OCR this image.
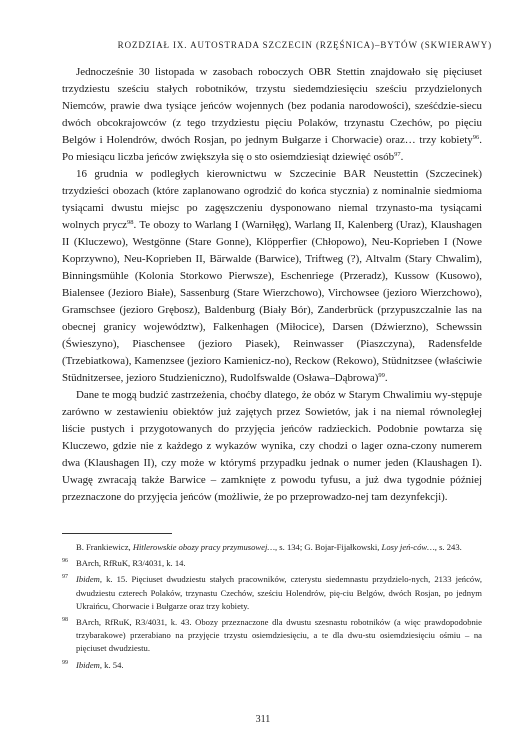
ROZDZIAŁ IX. AUTOSTRADA SZCZECIN (RZĘŚNICA)–BYTÓW (SKWIERAWY)

Jednocześnie 30 listopada w zasobach roboczych OBR Stettin znajdowało się pięciuset trzydziestu sześciu stałych robotników, trzystu siedemdziesięciu sześciu przydzielonych Niemców, prawie dwa tysiące jeńców wojennych (bez podania narodowości), sześćdzie-siecu dwóch obcokrajowców (z tego trzydziestu pięciu Polaków, trzynastu Czechów, po pięciu Belgów i Holendrów, dwóch Rosjan, po jednym Bułgarze i Chorwacie) oraz… trzy kobiety$^{96}$. Po miesiącu liczba jeńców zwiększyła się o sto osiemdziesiąt dziewięć osób$^{97}$.

16 grudnia w podległych kierownictwu w Szczecinie BAR Neustettin (Szczecinek) trzydzieści obozach (które zaplanowano ogrodzić do końca stycznia) z nominalnie siedmioma tysiącami dwustu miejsc po zagęszczeniu dysponowano niemal trzynasto-ma tysiącami wolnych prycz$^{98}$. Te obozy to Warlang I (Warniłęg), Warlang II, Kalenberg (Uraz), Klaushagen II (Kluczewo), Westgönne (Stare Gonne), Klöpperfier (Chłopowo), Neu-Koprieben I (Nowe Koprzywno), Neu-Koprieben II, Bärwalde (Barwice), Triftweg (?), Altvalm (Stary Chwalim), Binningsmühle (Kolonia Storkowo Pierwsze), Eschenriege (Przeradz), Kussow (Kusowo), Bialensee (Jezioro Białe), Sassenburg (Stare Wierzchowo), Virchowsee (jezioro Wierzchowo), Gramschsee (jezioro Grębosz), Baldenburg (Biały Bór), Zanderbrück (przypuszczalnie las na obecnej granicy województw), Falkenhagen (Miłocice), Darsen (Dźwierzno), Schewssin (Świeszyno), Piaschensee (jezioro Piasek), Reinwasser (Piaszczyna), Radensfelde (Trzebiatkowa), Kamenzsee (jezioro Kamienicz-no), Reckow (Rekowo), Stüdnitzsee (właściwie Stüdnitzersee, jezioro Studzieniczno), Rudolfswalde (Osława–Dąbrowa)$^{99}$.

Dane te mogą budzić zastrzeżenia, choćby dlatego, że obóz w Starym Chwalimiu wy-stępuje zarówno w zestawieniu obiektów już zajętych przez Sowietów, jak i na niemal równoległej liście pustych i przygotowanych do przyjęcia jeńców radzieckich. Podobnie powtarza się Kluczewo, gdzie nie z każdego z wykazów wynika, czy chodzi o lager ozna-czony numerem dwa (Klaushagen II), czy może w którymś przypadku jednak o numer jeden (Klaushagen I). Uwagę zwracają także Barwice – zamknięte z powodu tyfusu, a już dwa tygodnie później przeznaczone do przyjęcia jeńców (możliwie, że po przeprowadzo-nej tam dezynfekcji).

B. Frankiewicz, Hitlerowskie obozy pracy przymusowej…, s. 134; G. Bojar-Fijałkowski, Losy jeń-ców…, s. 243.
96 BArch, RfRuK, R3/4031, k. 14.
97 Ibidem, k. 15. Pięciuset dwudziestu stałych pracowników, czterystu siedemnastu przydzielo-nych, 2133 jeńców, dwudziestu czterech Polaków, trzynastu Czechów, sześciu Holendrów, pię-ciu Belgów, dwóch Rosjan, po jednym Ukraińcu, Chorwacie i Bułgarze oraz trzy kobiety.
98 BArch, RfRuK, R3/4031, k. 43. Obozy przeznaczone dla dwustu szesnastu robotników (a więc prawdopodobnie trzybarakowe) przerabiano na przyjęcie trzystu osiemdziesięciu, a te dla dwu-stu osiemdziesięciu ośmiu – na pięciuset dwudziestu.
99 Ibidem, k. 54.
311
